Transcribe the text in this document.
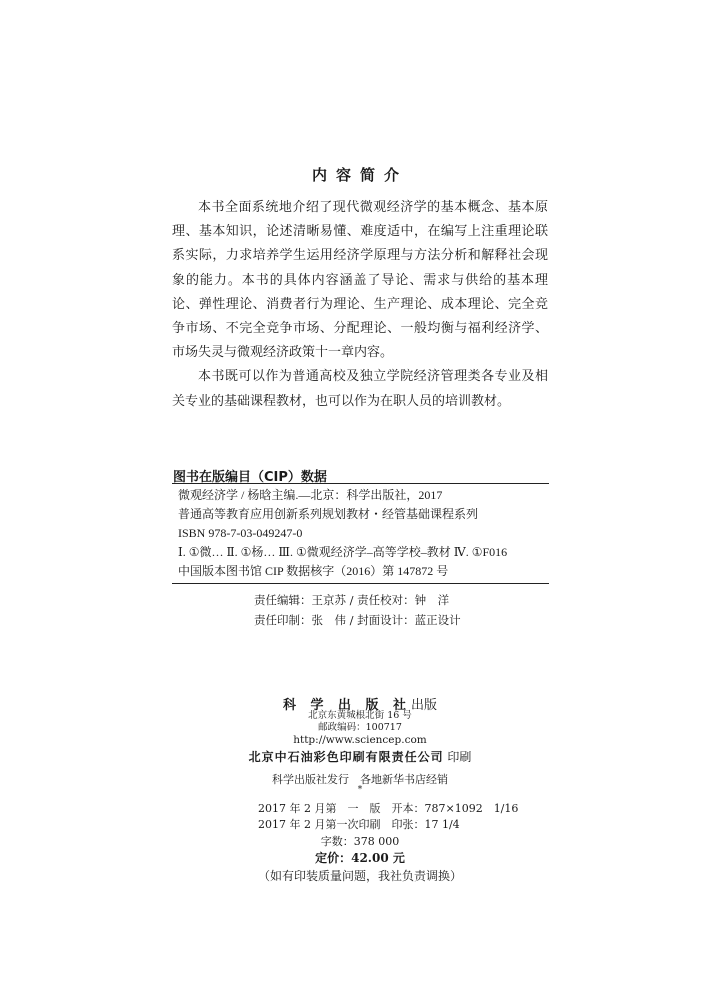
内容简介

本书全面系统地介绍了现代微观经济学的基本概念、基本原理、基本知识，论述清晰易懂、难度适中，在编写上注重理论联系实际，力求培养学生运用经济学原理与方法分析和解释社会现象的能力。本书的具体内容涵盖了导论、需求与供给的基本理论、弹性理论、消费者行为理论、生产理论、成本理论、完全竞争市场、不完全竞争市场、分配理论、一般均衡与福利经济学、市场失灵与微观经济政策十一章内容。

本书既可以作为普通高校及独立学院经济管理类各专业及相关专业的基础课程教材，也可以作为在职人员的培训教材。

图书在版编目（CIP）数据
微观经济学 / 杨晗主编.—北京：科学出版社，2017
普通高等教育应用创新系列规划教材・经管基础课程系列
ISBN 978-7-03-049247-0
Ⅰ. ①微… Ⅱ. ①杨… Ⅲ. ①微观经济学–高等学校–教材 Ⅳ. ①F016
中国版本图书馆 CIP 数据核字（2016）第 147872 号
责任编辑：王京苏 / 责任校对：钟　洋
责任印制：张　伟 / 封面设计：蓝正设计
科 学 出 版 社出版
北京东黄城根北街 16 号
邮政编码：100717
http://www.sciencep.com
北京中石油彩色印刷有限责任公司 印刷
科学出版社发行　各地新华书店经销
*
2017 年 2 月第　一　版　开本：787×1092　1/16
2017 年 2 月第一次印刷　印张：17 1/4
字数：378 000
定价：42.00 元
（如有印装质量问题，我社负责调换）
